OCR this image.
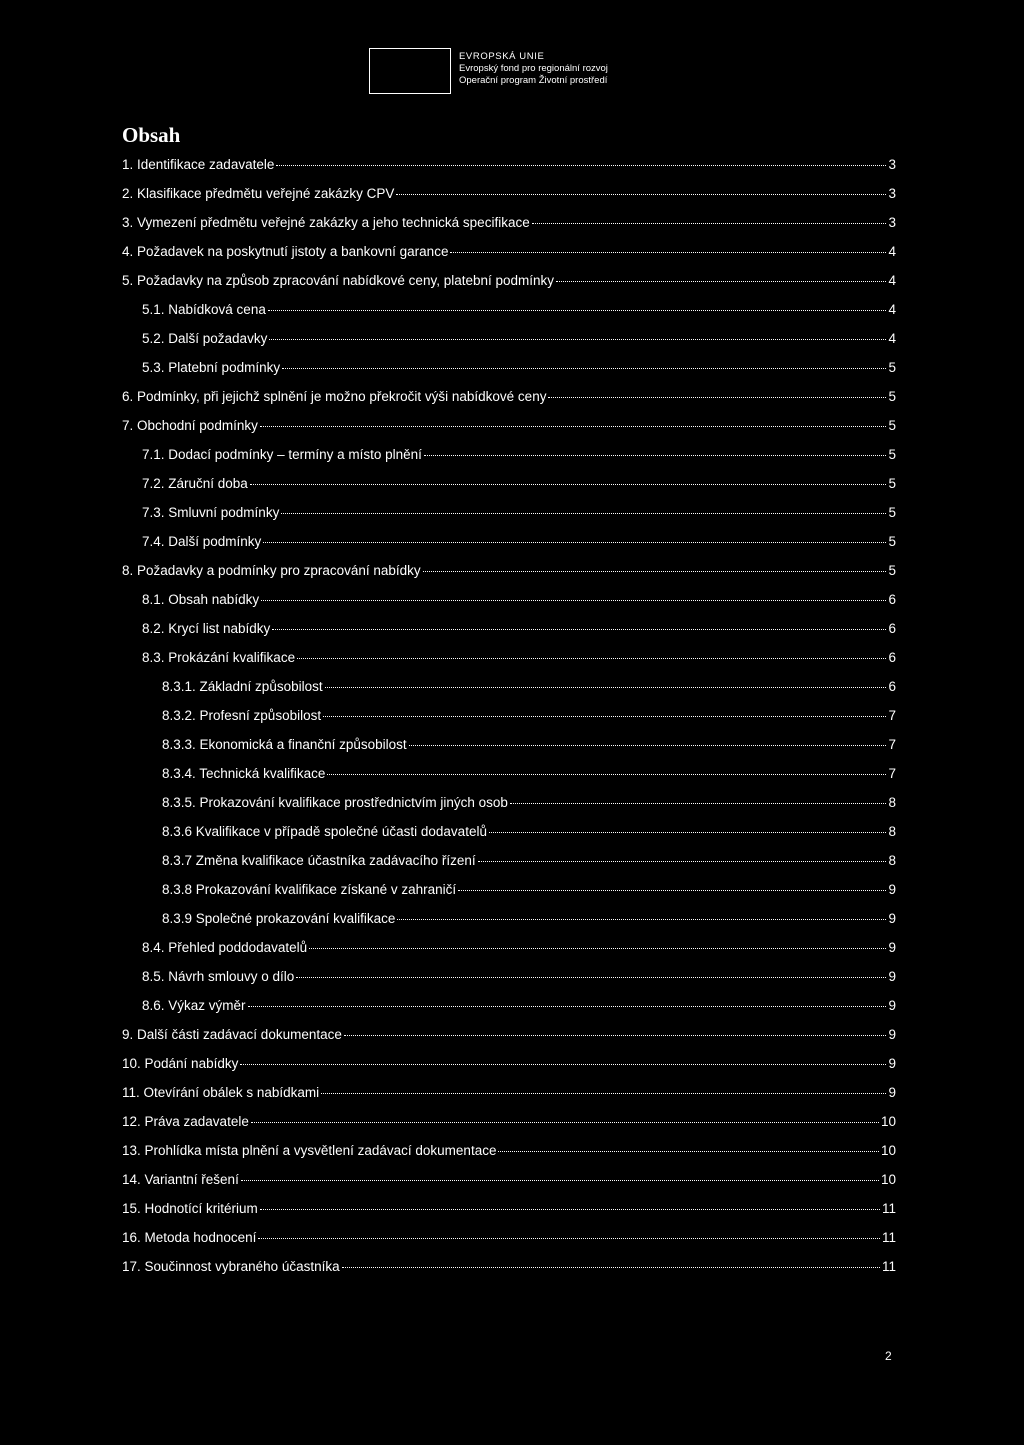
EVROPSKÁ UNIE
Evropský fond pro regionální rozvoj
Operační program Životní prostředí
Obsah
1. Identifikace zadavatele	3
2. Klasifikace předmětu veřejné zakázky CPV	3
3. Vymezení předmětu veřejné zakázky a jeho technická specifikace	3
4. Požadavek na poskytnutí jistoty a bankovní garance	4
5. Požadavky na způsob zpracování nabídkové ceny, platební podmínky	4
5.1. Nabídková cena	4
5.2. Další požadavky	4
5.3. Platební podmínky	5
6. Podmínky, při jejichž splnění je možno překročit výši nabídkové ceny	5
7. Obchodní podmínky	5
7.1. Dodací podmínky – termíny a místo plnění	5
7.2. Záruční doba	5
7.3. Smluvní podmínky	5
7.4. Další podmínky	5
8. Požadavky a podmínky pro zpracování nabídky	5
8.1. Obsah nabídky	6
8.2. Krycí list nabídky	6
8.3. Prokázání kvalifikace	6
8.3.1. Základní způsobilost	6
8.3.2. Profesní způsobilost	7
8.3.3. Ekonomická a finanční způsobilost	7
8.3.4. Technická kvalifikace	7
8.3.5. Prokazování kvalifikace prostřednictvím jiných osob	8
8.3.6 Kvalifikace v případě společné účasti dodavatelů	8
8.3.7 Změna kvalifikace účastníka zadávacího řízení	8
8.3.8 Prokazování kvalifikace získané v zahraničí	9
8.3.9 Společné prokazování kvalifikace	9
8.4. Přehled poddodavatelů	9
8.5. Návrh smlouvy o dílo	9
8.6. Výkaz výměr	9
9. Další části zadávací dokumentace	9
10. Podání nabídky	9
11. Otevírání obálek s nabídkami	9
12. Práva zadavatele	10
13. Prohlídka místa plnění a vysvětlení zadávací dokumentace	10
14. Variantní řešení	10
15. Hodnotící kritérium	11
16. Metoda hodnocení	11
17. Součinnost vybraného účastníka	11
2
